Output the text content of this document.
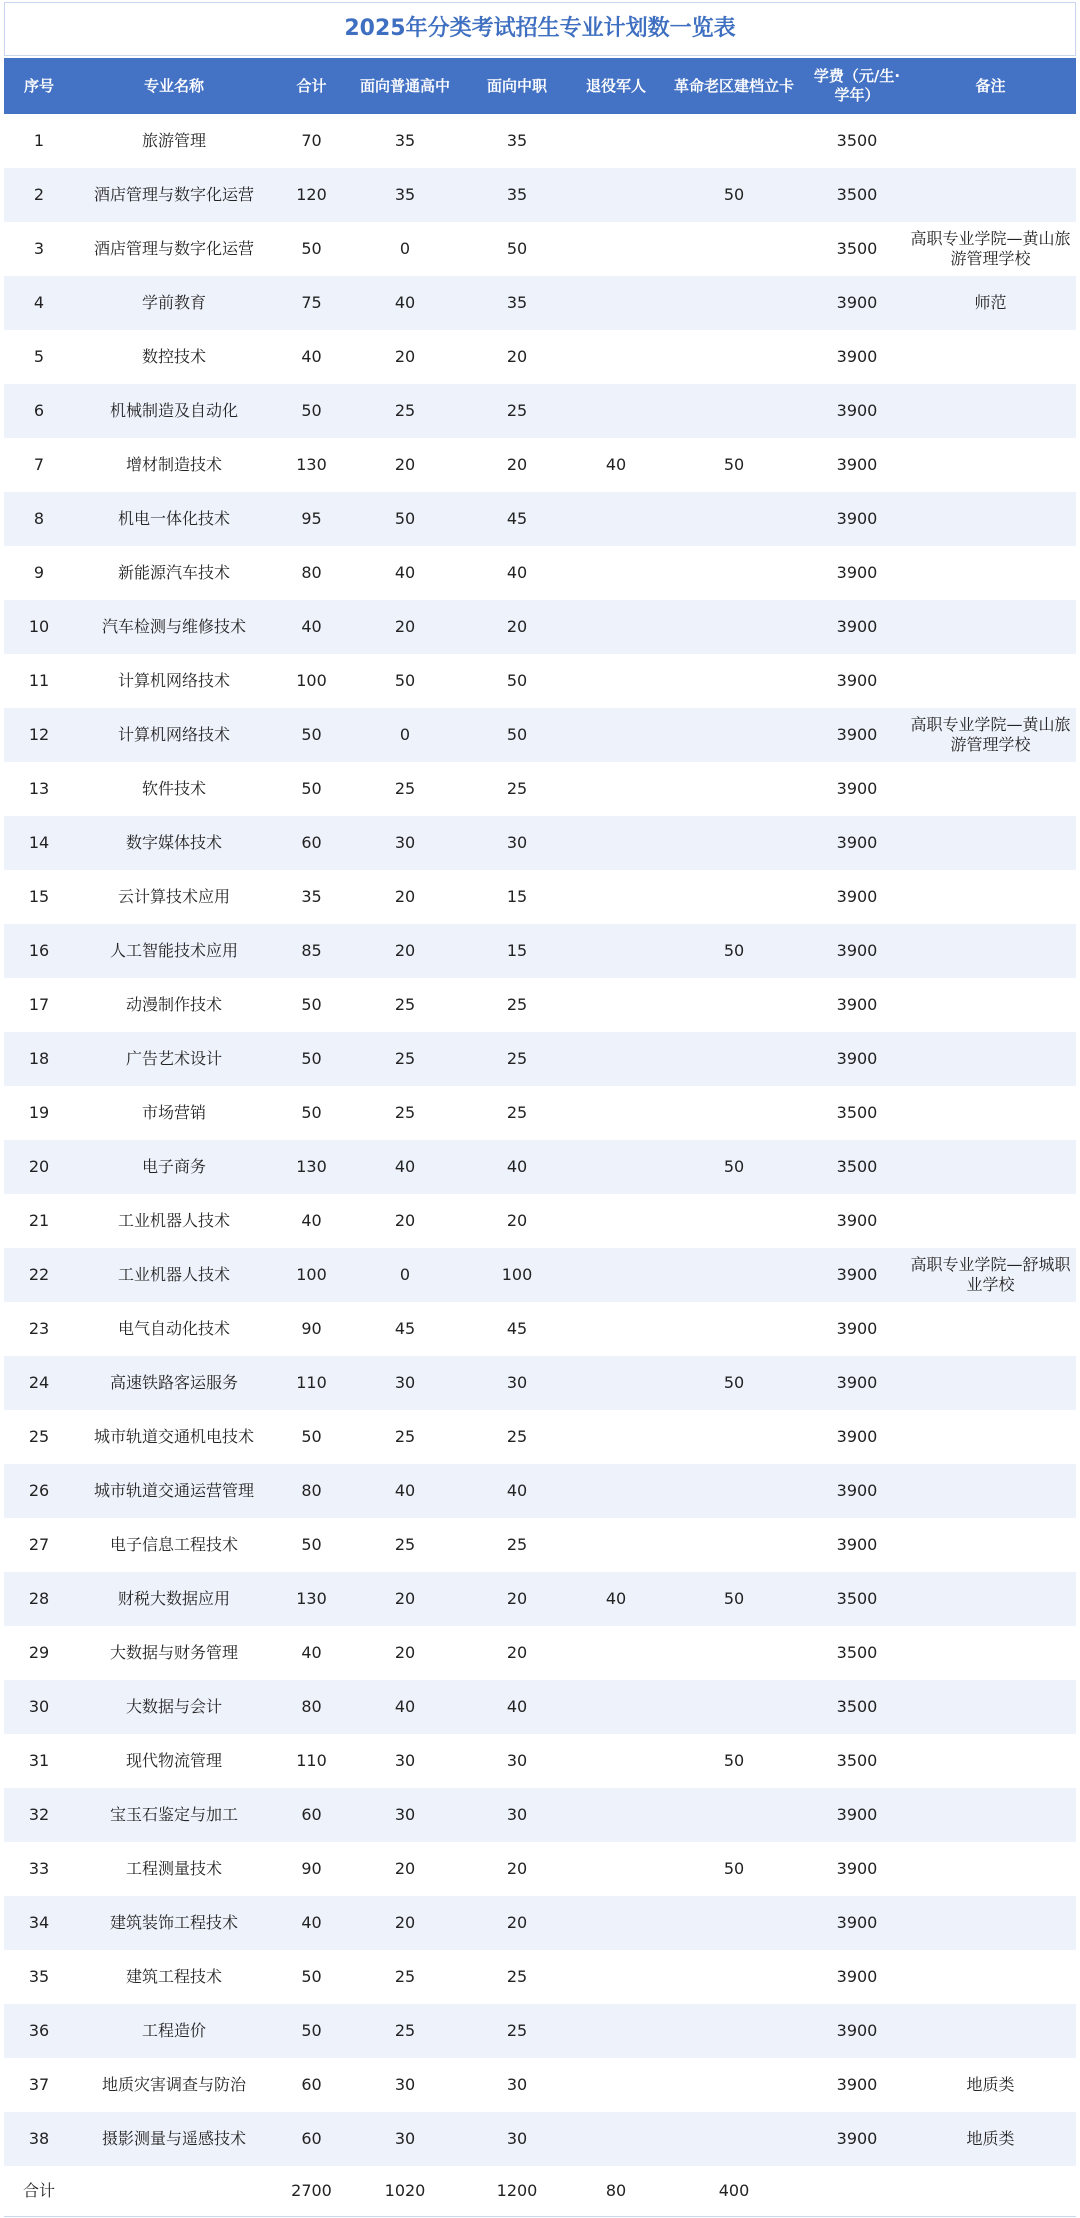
2025年分类考试招生专业计划数一览表
序号	专业名称	合计	面向普通高中	面向中职	退役军人	革命老区建档立卡	学费（元/生·学年）	备注
1	旅游管理	70	35	35			3500	
2	酒店管理与数字化运营	120	35	35		50	3500	
3	酒店管理与数字化运营	50	0	50			3500	高职专业学院—黄山旅游管理学校
4	学前教育	75	40	35			3900	师范
5	数控技术	40	20	20			3900	
6	机械制造及自动化	50	25	25			3900	
7	增材制造技术	130	20	20	40	50	3900	
8	机电一体化技术	95	50	45			3900	
9	新能源汽车技术	80	40	40			3900	
10	汽车检测与维修技术	40	20	20			3900	
11	计算机网络技术	100	50	50			3900	
12	计算机网络技术	50	0	50			3900	高职专业学院—黄山旅游管理学校
13	软件技术	50	25	25			3900	
14	数字媒体技术	60	30	30			3900	
15	云计算技术应用	35	20	15			3900	
16	人工智能技术应用	85	20	15		50	3900	
17	动漫制作技术	50	25	25			3900	
18	广告艺术设计	50	25	25			3900	
19	市场营销	50	25	25			3500	
20	电子商务	130	40	40		50	3500	
21	工业机器人技术	40	20	20			3900	
22	工业机器人技术	100	0	100			3900	高职专业学院—舒城职业学校
23	电气自动化技术	90	45	45			3900	
24	高速铁路客运服务	110	30	30		50	3900	
25	城市轨道交通机电技术	50	25	25			3900	
26	城市轨道交通运营管理	80	40	40			3900	
27	电子信息工程技术	50	25	25			3900	
28	财税大数据应用	130	20	20	40	50	3500	
29	大数据与财务管理	40	20	20			3500	
30	大数据与会计	80	40	40			3500	
31	现代物流管理	110	30	30		50	3500	
32	宝玉石鉴定与加工	60	30	30			3900	
33	工程测量技术	90	20	20		50	3900	
34	建筑装饰工程技术	40	20	20			3900	
35	建筑工程技术	50	25	25			3900	
36	工程造价	50	25	25			3900	
37	地质灾害调查与防治	60	30	30			3900	地质类
38	摄影测量与遥感技术	60	30	30			3900	地质类
合计		2700	1020	1200	80	400		
